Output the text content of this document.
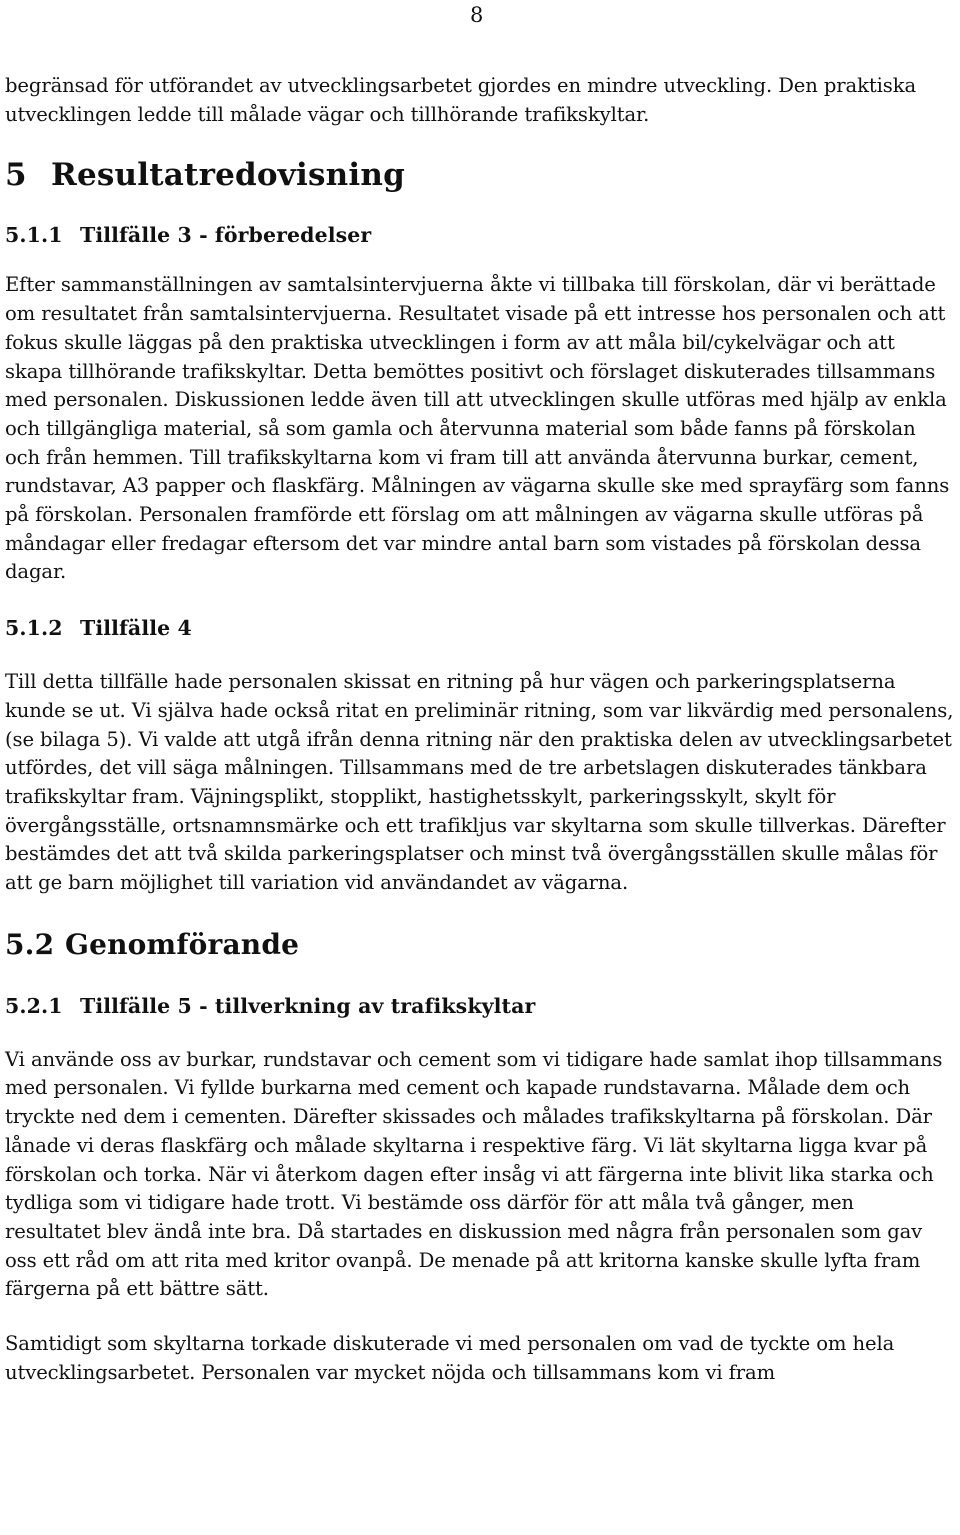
8

begränsad för utförandet av utvecklingsarbetet gjordes en mindre utveckling. Den praktiska utvecklingen ledde till målade vägar och tillhörande trafikskyltar.

5 Resultatredovisning
5.1.1 Tillfälle 3 - förberedelser

Efter sammanställningen av samtalsintervjuerna åkte vi tillbaka till förskolan, där vi berättade om resultatet från samtalsintervjuerna. Resultatet visade på ett intresse hos personalen och att fokus skulle läggas på den praktiska utvecklingen i form av att måla bil/cykelvägar och att skapa tillhörande trafikskyltar. Detta bemöttes positivt och förslaget diskuterades tillsammans med personalen. Diskussionen ledde även till att utvecklingen skulle utföras med hjälp av enkla och tillgängliga material, så som gamla och återvunna material som både fanns på förskolan och från hemmen. Till trafikskyltarna kom vi fram till att använda återvunna burkar, cement, rundstavar, A3 papper och flaskfärg. Målningen av vägarna skulle ske med sprayfärg som fanns på förskolan. Personalen framförde ett förslag om att målningen av vägarna skulle utföras på måndagar eller fredagar eftersom det var mindre antal barn som vistades på förskolan dessa dagar.

5.1.2 Tillfälle 4

Till detta tillfälle hade personalen skissat en ritning på hur vägen och parkeringsplatserna kunde se ut. Vi själva hade också ritat en preliminär ritning, som var likvärdig med personalens, (se bilaga 5). Vi valde att utgå ifrån denna ritning när den praktiska delen av utvecklingsarbetet utfördes, det vill säga målningen. Tillsammans med de tre arbetslagen diskuterades tänkbara trafikskyltar fram. Väjningsplikt, stopplikt, hastighetsskylt, parkeringsskylt, skylt för övergångsställe, ortsnamnsmärke och ett trafikljus var skyltarna som skulle tillverkas. Därefter bestämdes det att två skilda parkeringsplatser och minst två övergångsställen skulle målas för att ge barn möjlighet till variation vid användandet av vägarna.

5.2 Genomförande
5.2.1 Tillfälle 5 - tillverkning av trafikskyltar

Vi använde oss av burkar, rundstavar och cement som vi tidigare hade samlat ihop tillsammans med personalen. Vi fyllde burkarna med cement och kapade rundstavarna. Målade dem och tryckte ned dem i cementen. Därefter skissades och målades trafikskyltarna på förskolan. Där lånade vi deras flaskfärg och målade skyltarna i respektive färg. Vi lät skyltarna ligga kvar på förskolan och torka. När vi återkom dagen efter insåg vi att färgerna inte blivit lika starka och tydliga som vi tidigare hade trott. Vi bestämde oss därför för att måla två gånger, men resultatet blev ändå inte bra. Då startades en diskussion med några från personalen som gav oss ett råd om att rita med kritor ovanpå. De menade på att kritorna kanske skulle lyfta fram färgerna på ett bättre sätt.

Samtidigt som skyltarna torkade diskuterade vi med personalen om vad de tyckte om hela utvecklingsarbetet. Personalen var mycket nöjda och tillsammans kom vi fram
